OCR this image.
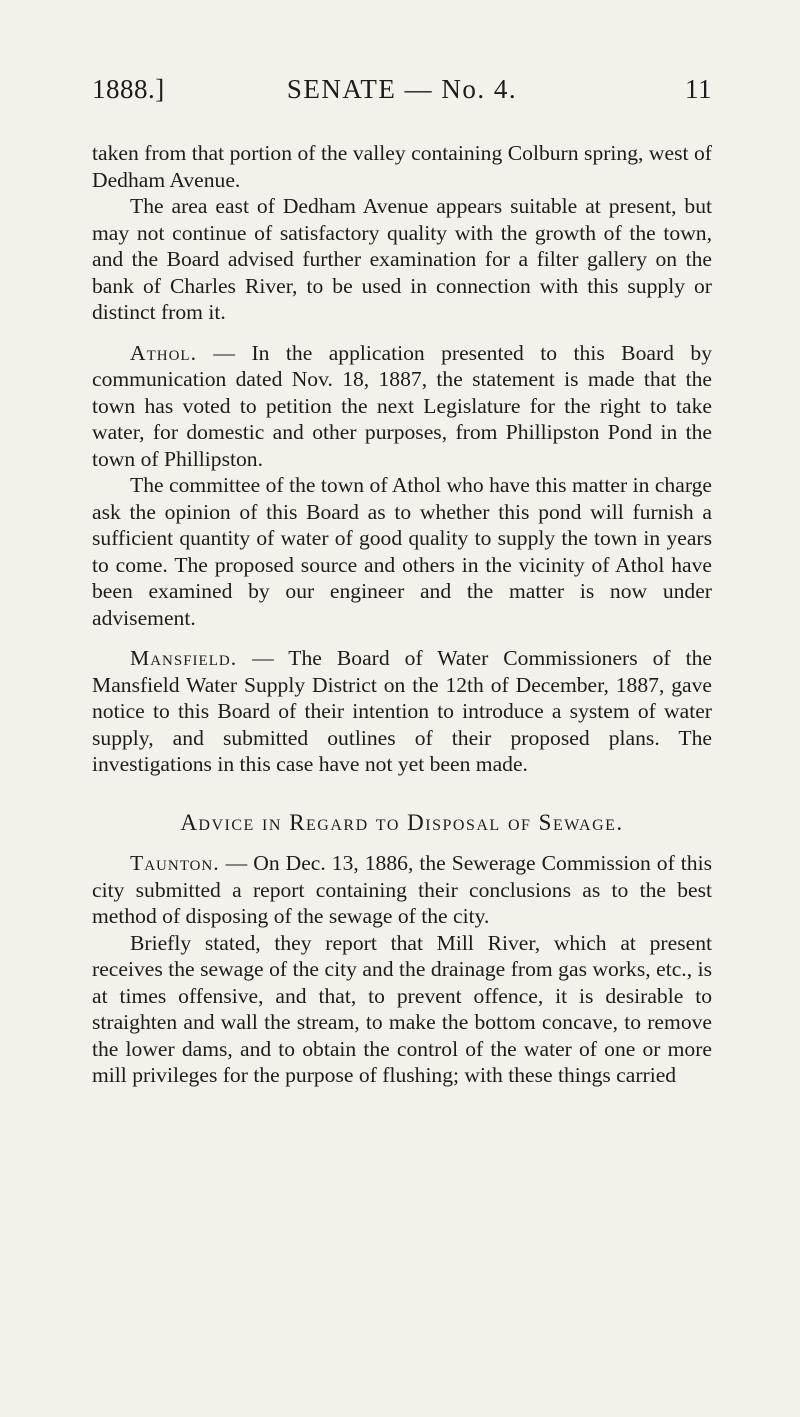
1888.]	SENATE — No. 4.	11

taken from that portion of the valley containing Colburn spring, west of Dedham Avenue.

The area east of Dedham Avenue appears suitable at present, but may not continue of satisfactory quality with the growth of the town, and the Board advised further examination for a filter gallery on the bank of Charles River, to be used in connection with this supply or distinct from it.

Athol. — In the application presented to this Board by communication dated Nov. 18, 1887, the statement is made that the town has voted to petition the next Legislature for the right to take water, for domestic and other purposes, from Phillipston Pond in the town of Phillipston.

The committee of the town of Athol who have this matter in charge ask the opinion of this Board as to whether this pond will furnish a sufficient quantity of water of good quality to supply the town in years to come. The proposed source and others in the vicinity of Athol have been examined by our engineer and the matter is now under advisement.

Mansfield. — The Board of Water Commissioners of the Mansfield Water Supply District on the 12th of December, 1887, gave notice to this Board of their intention to introduce a system of water supply, and submitted outlines of their proposed plans. The investigations in this case have not yet been made.

Advice in Regard to Disposal of Sewage.

Taunton. — On Dec. 13, 1886, the Sewerage Commission of this city submitted a report containing their conclusions as to the best method of disposing of the sewage of the city.

Briefly stated, they report that Mill River, which at present receives the sewage of the city and the drainage from gas works, etc., is at times offensive, and that, to prevent offence, it is desirable to straighten and wall the stream, to make the bottom concave, to remove the lower dams, and to obtain the control of the water of one or more mill privileges for the purpose of flushing; with these things carried
